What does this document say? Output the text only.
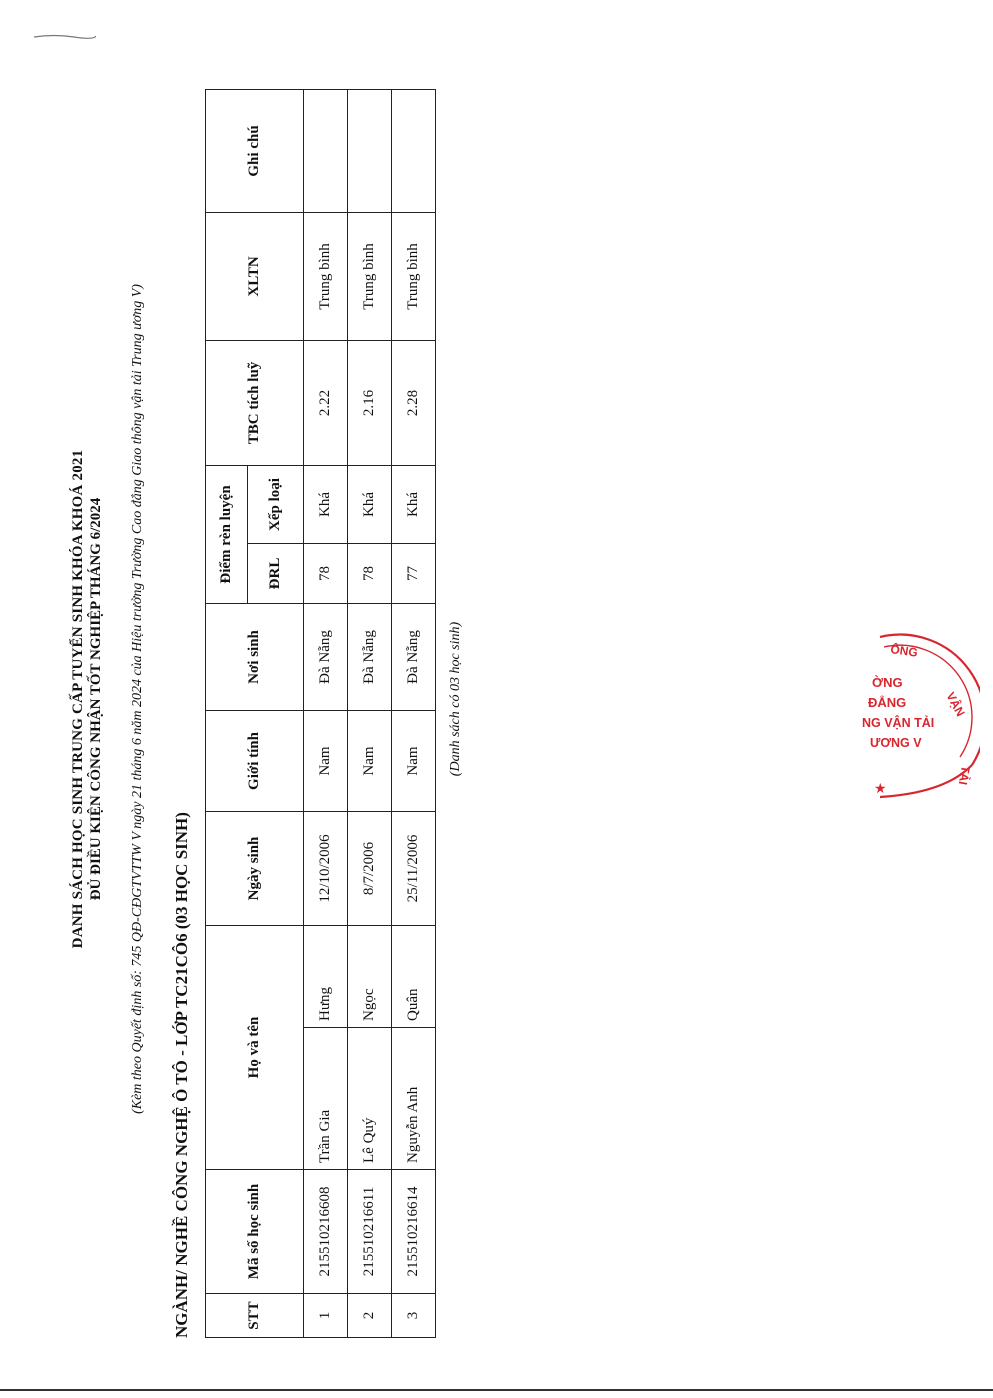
DANH SÁCH HỌC SINH TRUNG CẤP TUYỂN SINH KHÓA KHOÁ 2021 ĐỦ ĐIỀU KIỆN CÔNG NHẬN TỐT NGHIỆP THÁNG 6/2024 (Kèm theo Quyết định số: 745 QĐ-CĐGTVTTW V ngày 21 tháng 6 năm 2024 của Hiệu trưởng Trường Cao đẳng Giao thông vận tải Trung ương V) NGÀNH/ NGHỀ CÔNG NGHỆ Ô TÔ - LỚP TC21CÔ6 (03 HỌC SINH)	STT	Mã số học sinh	Họ và tên		Ngày sinh	Giới tính	Nơi sinh	Điểm rèn luyện		TBC tích luỹ	XLTN	Ghi chú
							ĐRL	Xếp loại			
1	215510216608	Trần Gia	Hưng	12/10/2006	Nam	Đà Nẵng	78	Khá	2.22	Trung bình	
2	215510216611	Lê Quý	Ngọc	8/7/2006	Nam	Đà Nẵng	78	Khá	2.16	Trung bình	
3	215510216614	Nguyễn Anh	Quân	25/11/2006	Nam	Đà Nẵng	77	Khá	2.28	Trung bình	
(Danh sách có 03 học sinh)	ÔNG
VẬN
TẢI
ỜNG
ĐẲNG
NG VẬN TẢI
ƯƠNG V
★
